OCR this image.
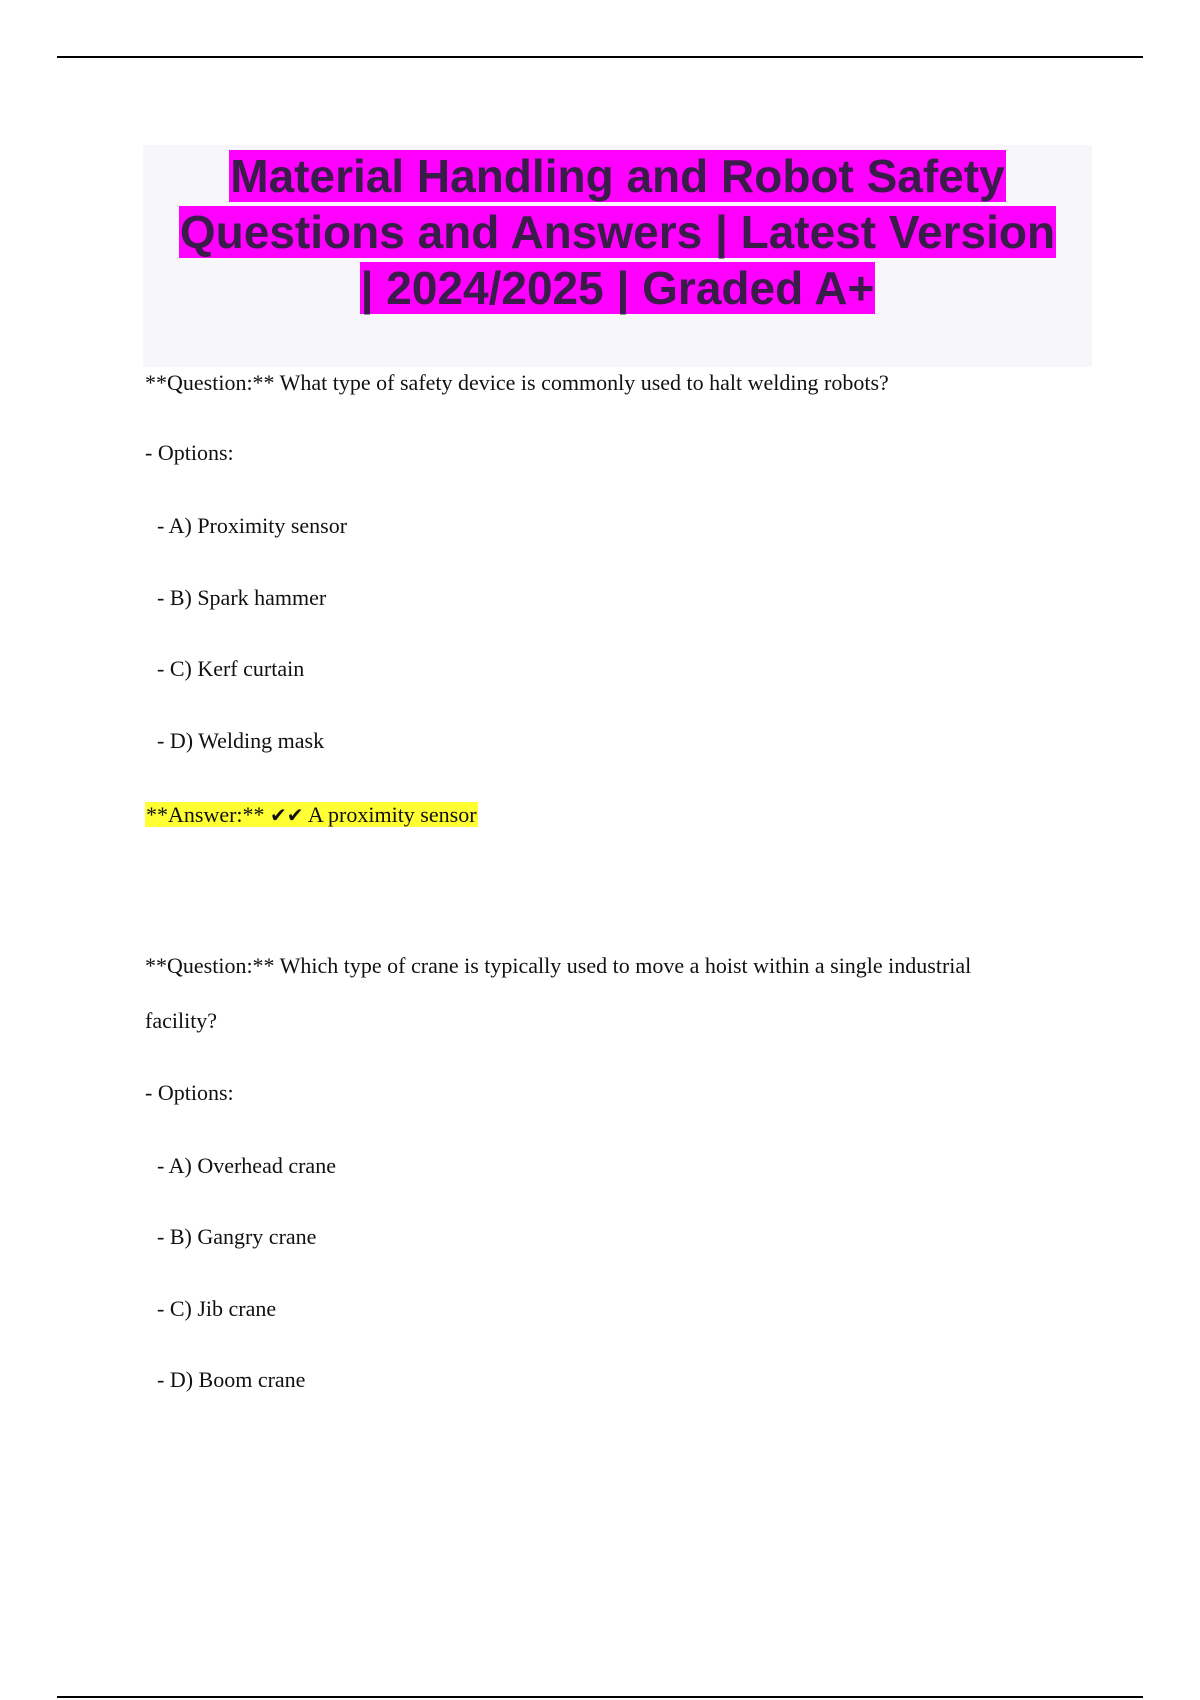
Material Handling and Robot Safety
Questions and Answers | Latest Version
| 2024/2025 | Graded A+

**Question:** What type of safety device is commonly used to halt welding robots?

- Options:

- A) Proximity sensor

- B) Spark hammer

- C) Kerf curtain

- D) Welding mask

**Answer:** ✔✔ A proximity sensor

**Question:** Which type of crane is typically used to move a hoist within a single industrial

facility?

- Options:

- A) Overhead crane

- B) Gangry crane

- C) Jib crane

- D) Boom crane
